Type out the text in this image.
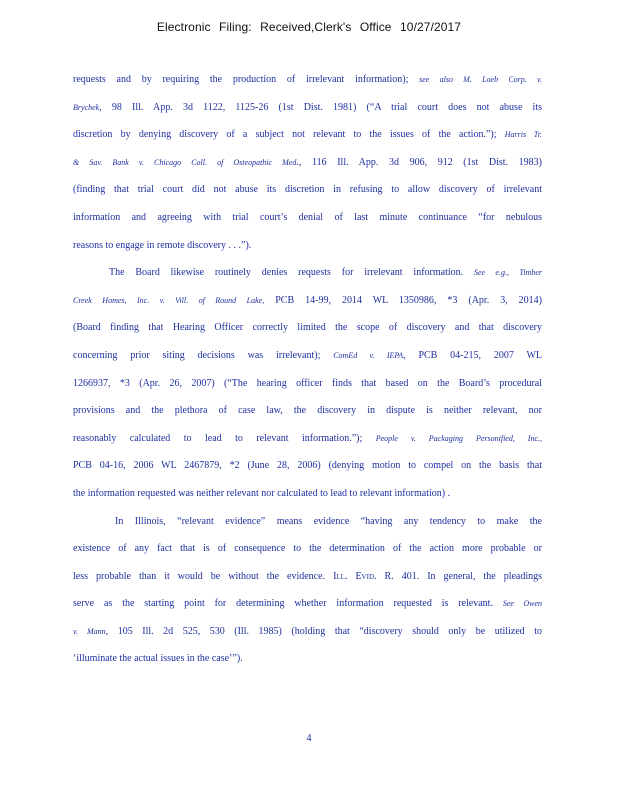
Electronic Filing: Received,Clerk's Office 10/27/2017
requests and by requiring the production of irrelevant information); see also M. Loeb Corp. v.
Brychek, 98 Ill. App. 3d 1122, 1125-26 (1st Dist. 1981) (“A trial court does not abuse its
discretion by denying discovery of a subject not relevant to the issues of the action.”); Harris Tr.
& Sav. Bank v. Chicago Coll. of Osteopathic Med., 116 Ill. App. 3d 906, 912 (1st Dist. 1983)
(finding that trial court did not abuse its discretion in refusing to allow discovery of irrelevant
information and agreeing with trial court’s denial of last minute continuance “for nebulous
reasons to engage in remote discovery . . .”).
The Board likewise routinely denies requests for irrelevant information. See e.g., Timber
Creek Homes, Inc. v. Vill. of Round Lake, PCB 14-99, 2014 WL 1350986, *3 (Apr. 3, 2014)
(Board finding that Hearing Officer correctly limited the scope of discovery and that discovery
concerning prior siting decisions was irrelevant); ComEd v. IEPA, PCB 04-215, 2007 WL
1266937, *3 (Apr. 26, 2007) (“The hearing officer finds that based on the Board’s procedural
provisions and the plethora of case law, the discovery in dispute is neither relevant, nor
reasonably calculated to lead to relevant information.”); People v. Packaging Personified, Inc.,
PCB 04-16, 2006 WL 2467879, *2 (June 28, 2006) (denying motion to compel on the basis that
the information requested was neither relevant nor calculated to lead to relevant information) .
In Illinois, “relevant evidence” means evidence “having any tendency to make the
existence of any fact that is of consequence to the determination of the action more probable or
less probable than it would be without the evidence. Ill. Evid. R. 401. In general, the pleadings
serve as the starting point for determining whether information requested is relevant. See Owen
v. Mann, 105 Ill. 2d 525, 530 (Ill. 1985) (holding that “discovery should only be utilized to
‘illuminate the actual issues in the case’”).
4
